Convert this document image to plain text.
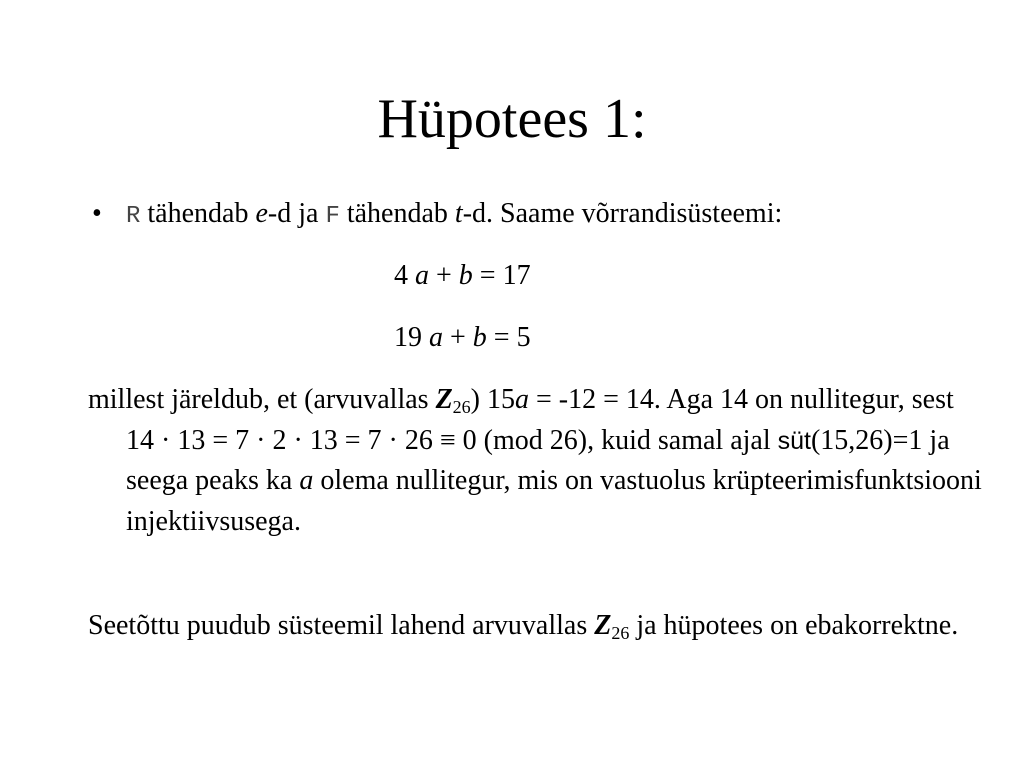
Hüpotees 1:
• R tähendab e-d ja F tähendab t-d. Saame võrrandisüsteemi:
4 a + b = 17
19 a + b = 5

millest järeldub, et (arvuvallas $Z_{26}$) 15a = -12 = 14. Aga 14 on nullitegur, sest 14 · 13 = 7 · 2 · 13 = 7 · 26 ≡ 0 (mod 26), kuid samal ajal süt(15,26)=1 ja seega peaks ka a olema nullitegur, mis on vastuolus krüpteerimisfunktsiooni injektiivsusega.

Seetõttu puudub süsteemil lahend arvuvallas $Z_{26}$ ja hüpotees on ebakorrektne.
